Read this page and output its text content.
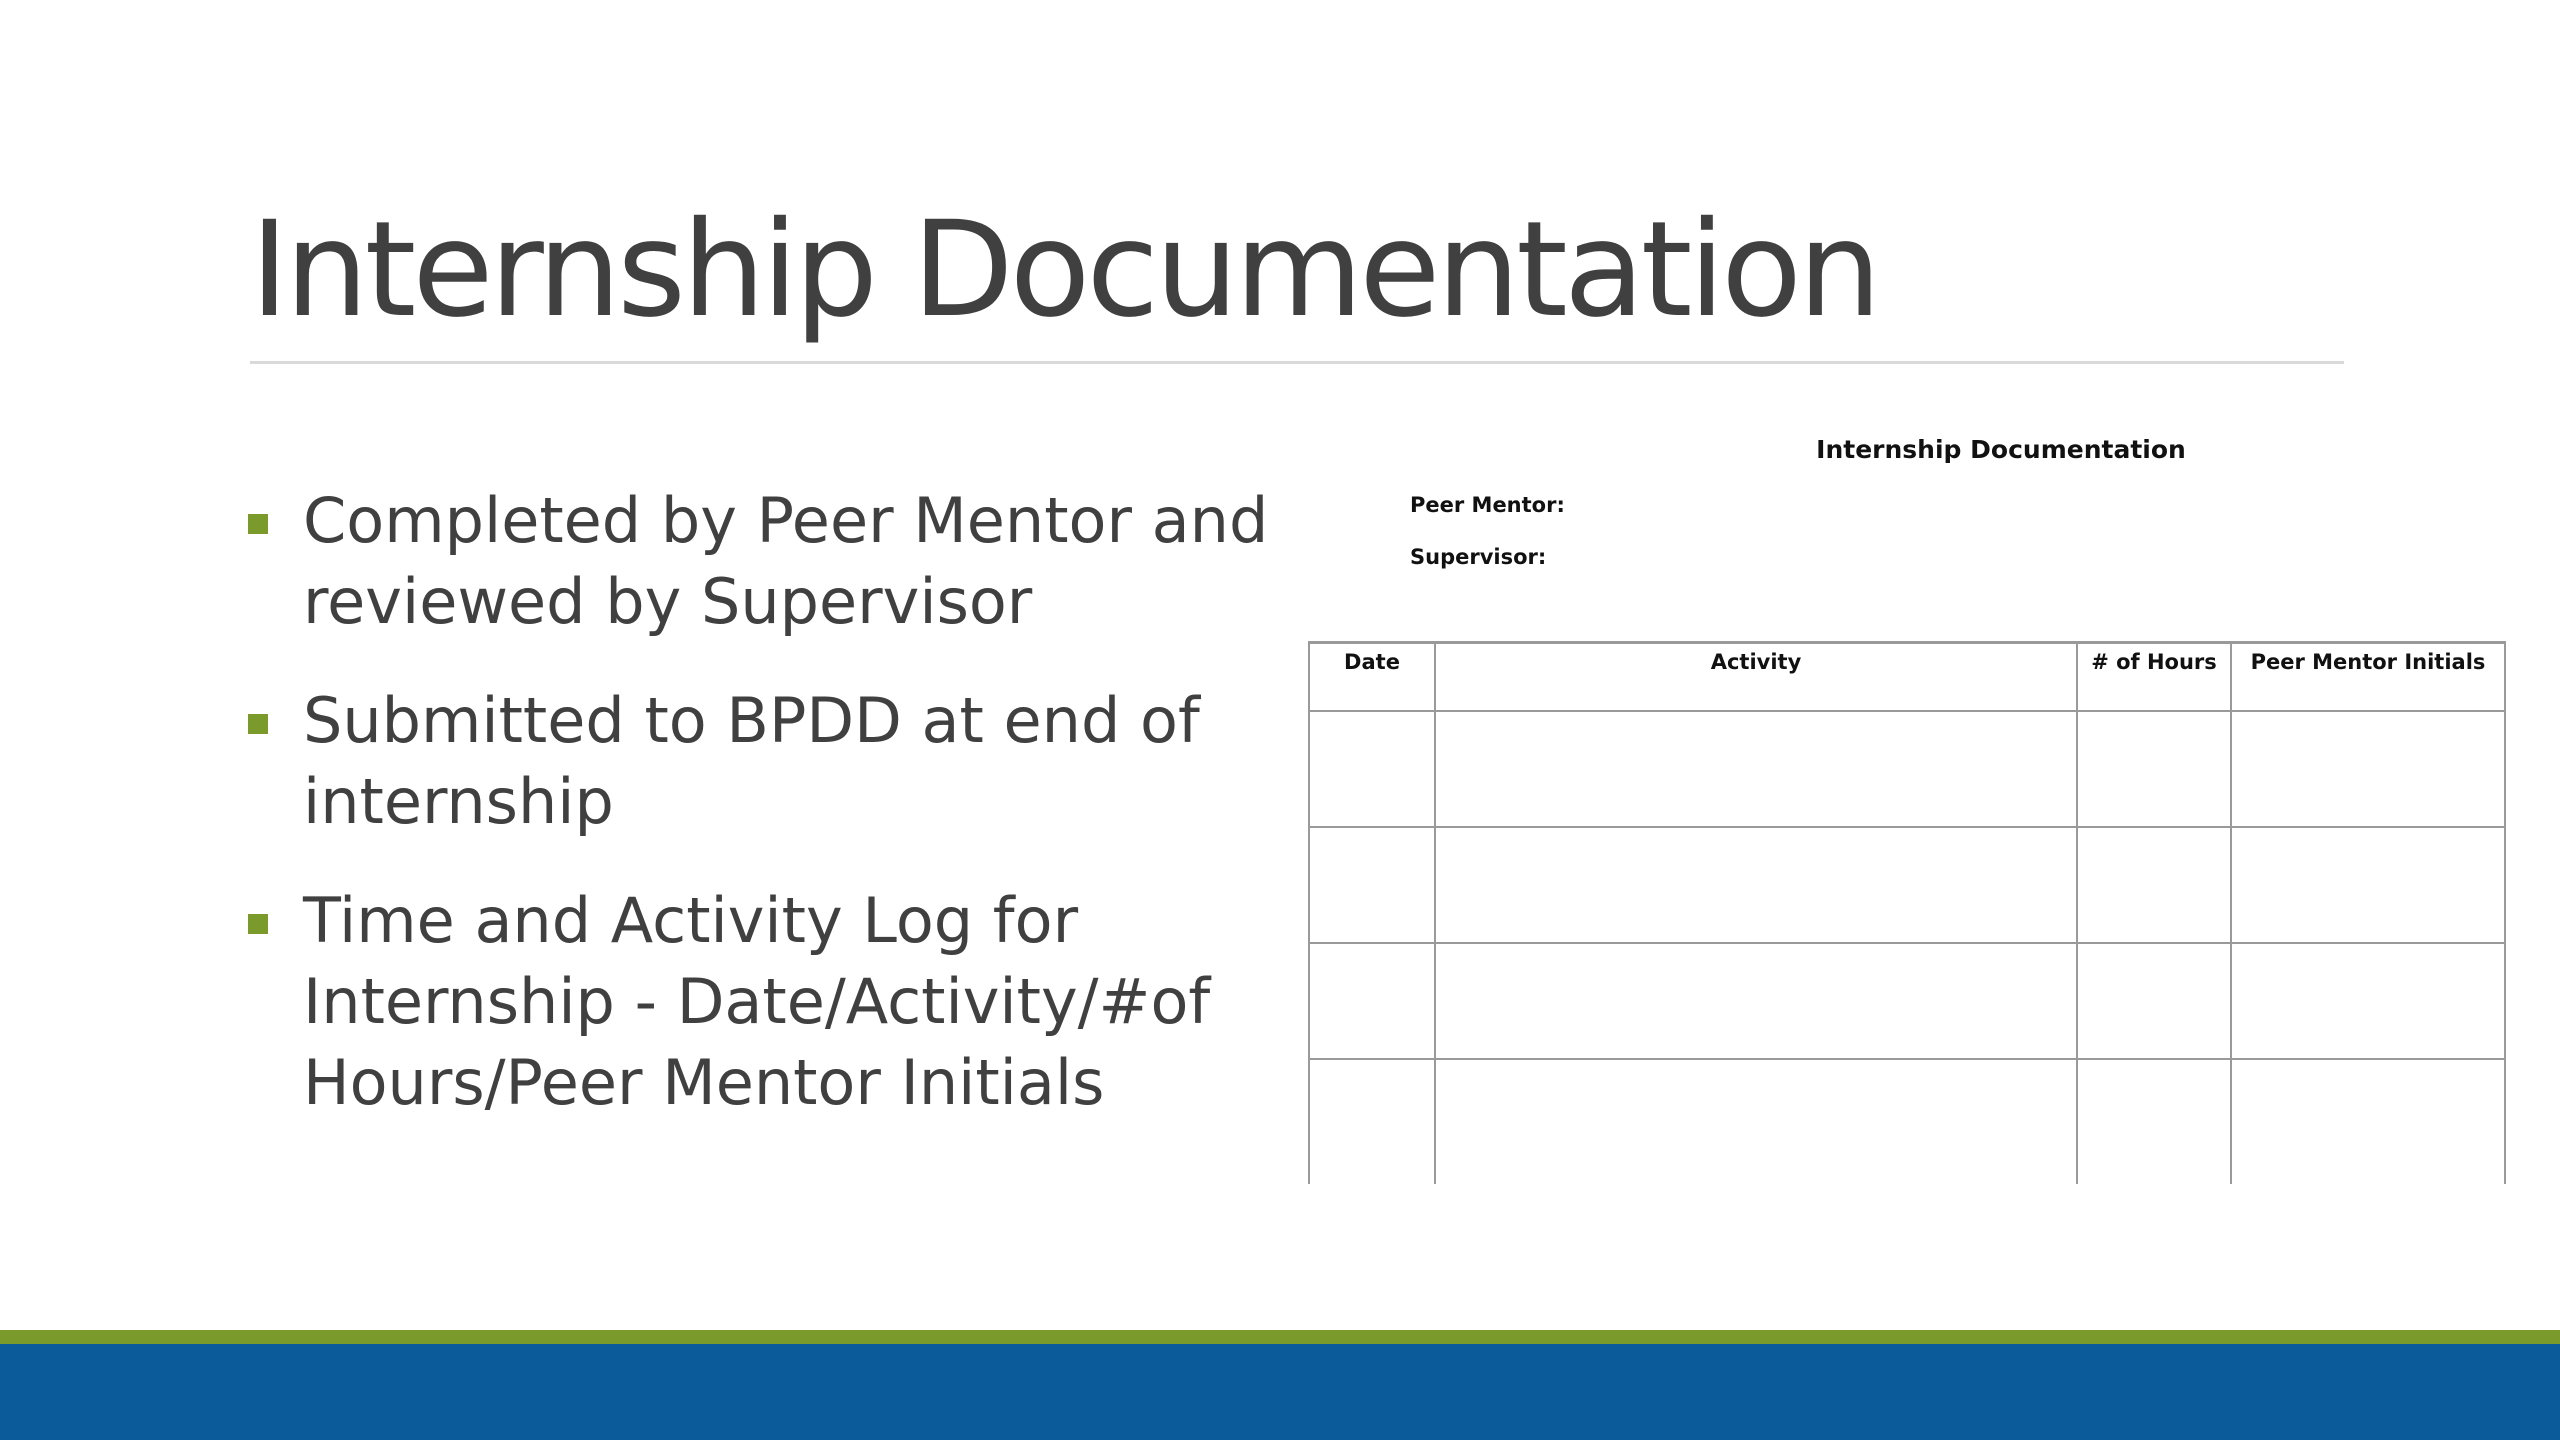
Internship Documentation
Completed by Peer Mentor and reviewed by Supervisor
Submitted to BPDD at end of internship
Time and Activity Log for Internship - Date/Activity/#of Hours/Peer Mentor Initials
Internship Documentation
Peer Mentor:
Supervisor:
Date	Activity	# of Hours	Peer Mentor Initials
